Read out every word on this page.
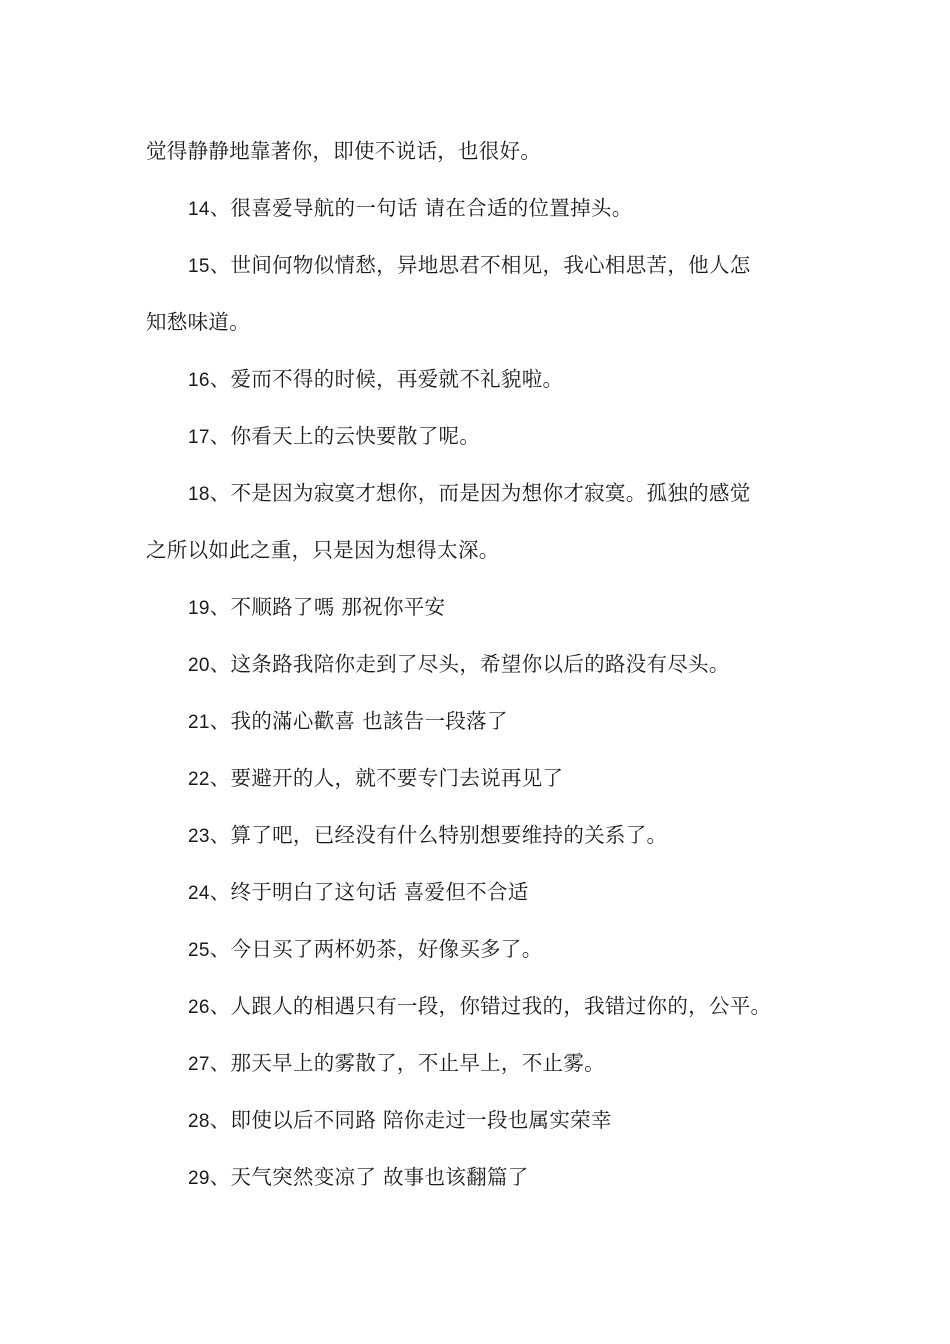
觉得静静地靠著你，即使不说话，也很好。
14、很喜爱导航的一句话 请在合适的位置掉头。
15、世间何物似情愁，异地思君不相见，我心相思苦，他人怎
知愁味道。
16、爱而不得的时候，再爱就不礼貌啦。
17、你看天上的云快要散了呢。
18、不是因为寂寞才想你，而是因为想你才寂寞。孤独的感觉
之所以如此之重，只是因为想得太深。
19、不顺路了嗎 那祝你平安
20、这条路我陪你走到了尽头，希望你以后的路没有尽头。
21、我的滿心歡喜 也該告一段落了
22、要避开的人，就不要专门去说再见了
23、算了吧，已经没有什么特别想要维持的关系了。
24、终于明白了这句话 喜爱但不合适
25、今日买了两杯奶茶，好像买多了。
26、人跟人的相遇只有一段，你错过我的，我错过你的，公平。
27、那天早上的雾散了，不止早上，不止雾。
28、即使以后不同路 陪你走过一段也属实荣幸
29、天气突然变凉了 故事也该翻篇了
